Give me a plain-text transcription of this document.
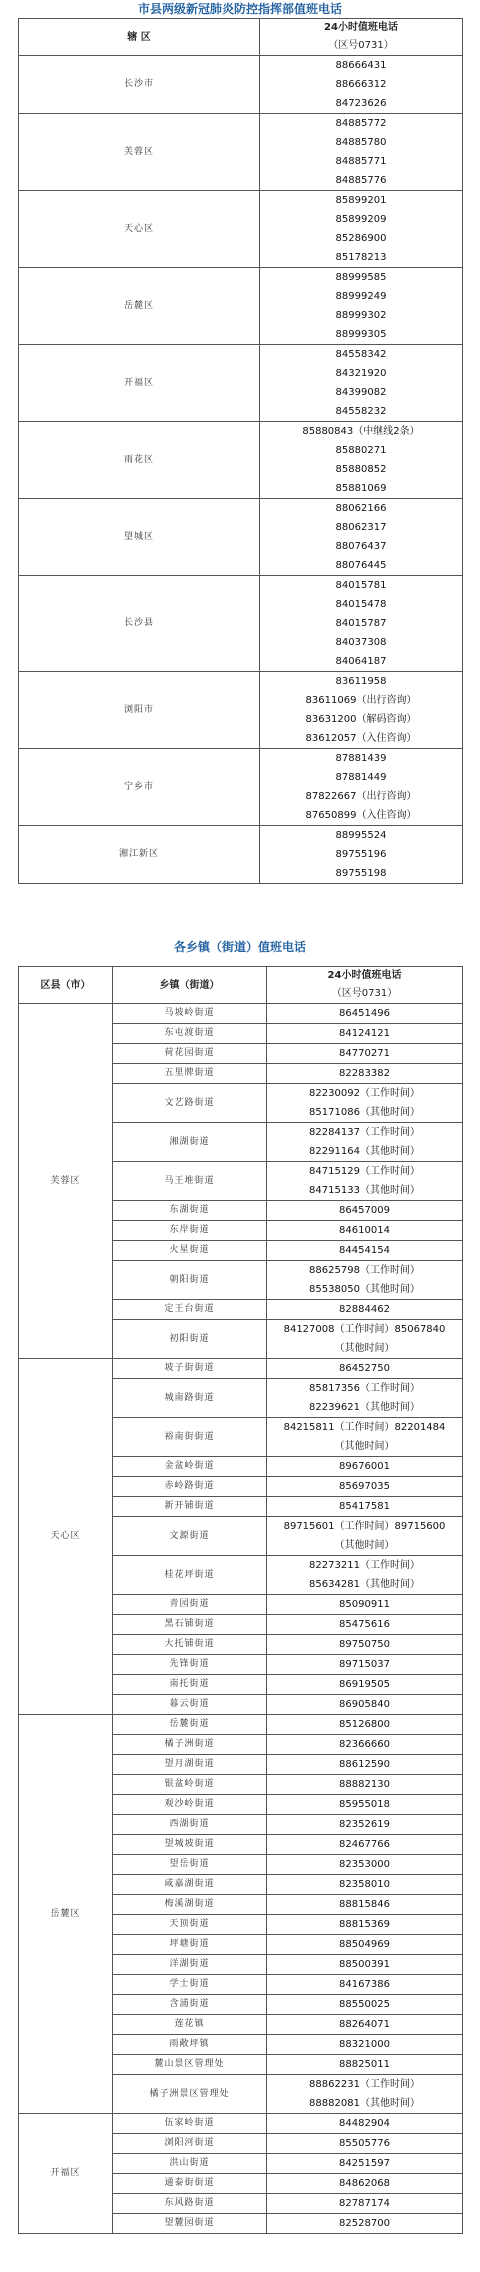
市县两级新冠肺炎防控指挥部值班电话
辖 区	24小时值班电话
（区号0731）

长沙市	88666431
88666312
84723626

芙蓉区	84885772
84885780
84885771
84885776

天心区	85899201
85899209
85286900
85178213

岳麓区	88999585
88999249
88999302
88999305

开福区	84558342
84321920
84399082
84558232

雨花区	85880843（中继线2条）
85880271
85880852
85881069

望城区	88062166
88062317
88076437
88076445

长沙县	84015781
84015478
84015787
84037308
84064187

浏阳市	83611958
83611069（出行咨询）
83631200（解码咨询）
83612057（入住咨询）

宁乡市	87881439
87881449
87822667（出行咨询）
87650899（入住咨询）

湘江新区	88995524
89755196
89755198
各乡镇（街道）值班电话
区县（市）	乡镇（街道）	24小时值班电话
（区号0731）

芙蓉区	马坡岭街道	86451496

	东屯渡街道	84124121

	荷花园街道	84770271

	五里牌街道	82283382

	文艺路街道	82230092（工作时间）
85171086（其他时间）

	湘湖街道	82284137（工作时间）
82291164（其他时间）

	马王堆街道	84715129（工作时间）
84715133（其他时间）

	东湖街道	86457009

	东岸街道	84610014

	火星街道	84454154

	朝阳街道	88625798（工作时间）
85538050（其他时间）

	定王台街道	82884462

	初阳街道	84127008（工作时间）85067840
（其他时间）

天心区	坡子街街道	86452750

	城南路街道	85817356（工作时间）
82239621（其他时间）

	裕南街街道	84215811（工作时间）82201484
（其他时间）

	金盆岭街道	89676001

	赤岭路街道	85697035

	新开铺街道	85417581

	文源街道	89715601（工作时间）89715600
（其他时间）

	桂花坪街道	82273211（工作时间）
85634281（其他时间）

	青园街道	85090911

	黑石铺街道	85475616

	大托铺街道	89750750

	先锋街道	89715037

	南托街道	86919505

	暮云街道	86905840

岳麓区	岳麓街道	85126800

	橘子洲街道	82366660

	望月湖街道	88612590

	银盆岭街道	88882130

	观沙岭街道	85955018

	西湖街道	82352619

	望城坡街道	82467766

	望岳街道	82353000

	咸嘉湖街道	82358010

	梅溪湖街道	88815846

	天顶街道	88815369

	坪塘街道	88504969

	洋湖街道	88500391

	学士街道	84167386

	含浦街道	88550025

	莲花镇	88264071

	雨敞坪镇	88321000

	麓山景区管理处	88825011

	橘子洲景区管理处	88862231（工作时间）
88882081（其他时间）

开福区	伍家岭街道	84482904

	浏阳河街道	85505776

	洪山街道	84251597

	通泰街街道	84862068

	东风路街道	82787174

	望麓园街道	82528700
